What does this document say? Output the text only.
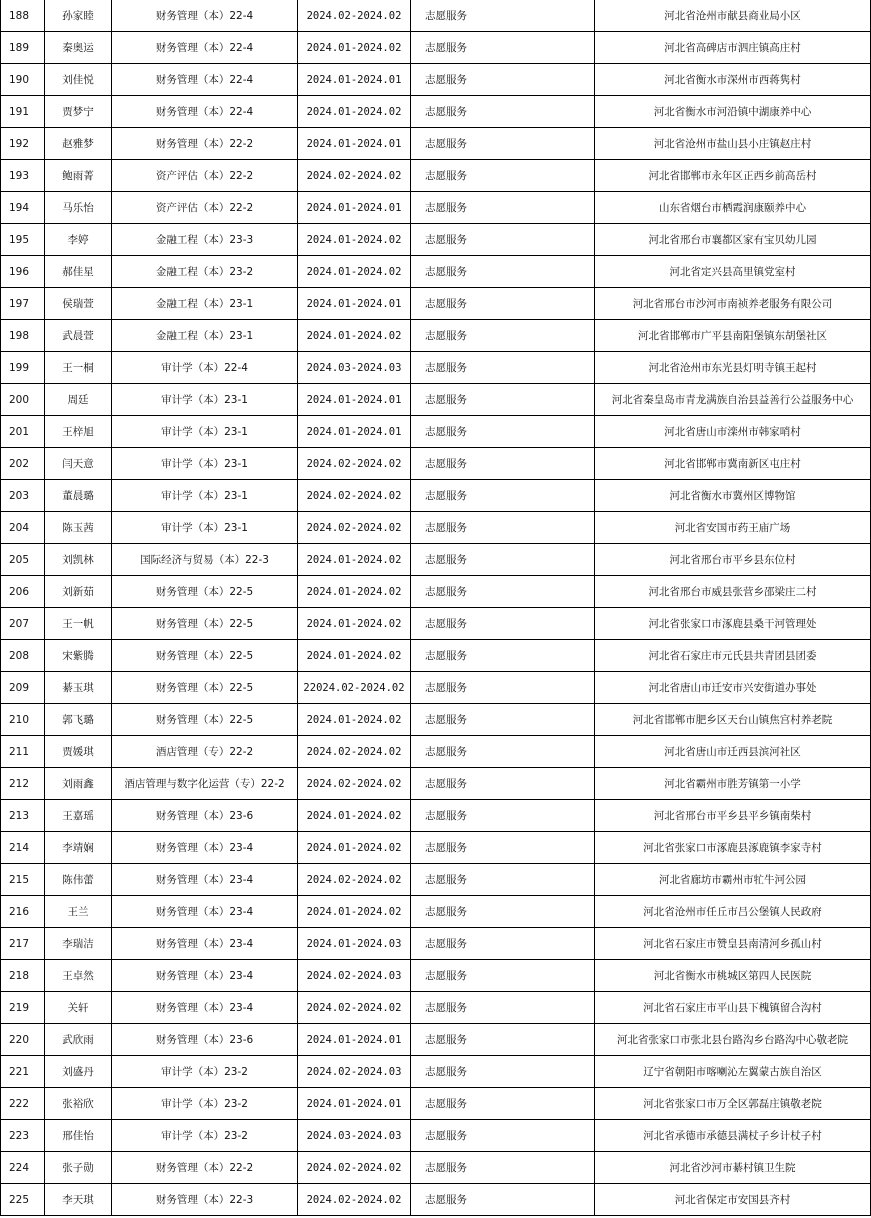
188	孙家睦	财务管理（本）22-4	2024.02-2024.02	志愿服务	河北省沧州市献县商业局小区
189	秦奥运	财务管理（本）22-4	2024.01-2024.02	志愿服务	河北省高碑店市泗庄镇高庄村
190	刘佳悦	财务管理（本）22-4	2024.01-2024.01	志愿服务	河北省衡水市深州市西蒋隽村
191	贾梦宁	财务管理（本）22-4	2024.01-2024.02	志愿服务	河北省衡水市河沿镇中湖康养中心
192	赵雅梦	财务管理（本）22-2	2024.01-2024.01	志愿服务	河北省沧州市盐山县小庄镇赵庄村
193	鲍雨菁	资产评估（本）22-2	2024.02-2024.02	志愿服务	河北省邯郸市永年区正西乡前高岳村
194	马乐怡	资产评估（本）22-2	2024.01-2024.01	志愿服务	山东省烟台市栖霞润康颐养中心
195	李婷	金融工程（本）23-3	2024.01-2024.02	志愿服务	河北省邢台市襄都区家有宝贝幼儿园
196	郝佳星	金融工程（本）23-2	2024.01-2024.02	志愿服务	河北省定兴县高里镇党室村
197	侯瑞萱	金融工程（本）23-1	2024.01-2024.01	志愿服务	河北省邢台市沙河市南祯养老服务有限公司
198	武晨萱	金融工程（本）23-1	2024.01-2024.02	志愿服务	河北省邯郸市广平县南阳堡镇东胡堡社区
199	王一桐	审计学（本）22-4	2024.03-2024.03	志愿服务	河北省沧州市东光县灯明寺镇王起村
200	周廷	审计学（本）23-1	2024.01-2024.01	志愿服务	河北省秦皇岛市青龙满族自治县益善行公益服务中心
201	王梓旭	审计学（本）23-1	2024.01-2024.01	志愿服务	河北省唐山市滦州市韩家哨村
202	闫天意	审计学（本）23-1	2024.02-2024.02	志愿服务	河北省邯郸市冀南新区屯庄村
203	董晨璐	审计学（本）23-1	2024.02-2024.02	志愿服务	河北省衡水市冀州区博物馆
204	陈玉茜	审计学（本）23-1	2024.02-2024.02	志愿服务	河北省安国市药王庙广场
205	刘凯林	国际经济与贸易（本）22-3	2024.01-2024.02	志愿服务	河北省邢台市平乡县东位村
206	刘新茹	财务管理（本）22-5	2024.01-2024.02	志愿服务	河北省邢台市威县张营乡邵梁庄二村
207	王一帆	财务管理（本）22-5	2024.01-2024.02	志愿服务	河北省张家口市涿鹿县桑干河管理处
208	宋紫腾	财务管理（本）22-5	2024.01-2024.02	志愿服务	河北省石家庄市元氏县共青团县团委
209	綦玉琪	财务管理（本）22-5	22024.02-2024.02	志愿服务	河北省唐山市迁安市兴安街道办事处
210	郭飞璐	财务管理（本）22-5	2024.01-2024.02	志愿服务	河北省邯郸市肥乡区天台山镇焦宫村养老院
211	贾媛琪	酒店管理（专）22-2	2024.02-2024.02	志愿服务	河北省唐山市迁西县滨河社区
212	刘雨鑫	酒店管理与数字化运营（专）22-2	2024.02-2024.02	志愿服务	河北省霸州市胜芳镇第一小学
213	王嘉瑶	财务管理（本）23-6	2024.01-2024.02	志愿服务	河北省邢台市平乡县平乡镇南柴村
214	李靖娴	财务管理（本）23-4	2024.01-2024.02	志愿服务	河北省张家口市涿鹿县涿鹿镇李家寺村
215	陈伟蕾	财务管理（本）23-4	2024.02-2024.02	志愿服务	河北省廊坊市霸州市牤牛河公园
216	王兰	财务管理（本）23-4	2024.01-2024.02	志愿服务	河北省沧州市任丘市吕公堡镇人民政府
217	李瑞洁	财务管理（本）23-4	2024.01-2024.03	志愿服务	河北省石家庄市赞皇县南清河乡孤山村
218	王卓然	财务管理（本）23-4	2024.02-2024.03	志愿服务	河北省衡水市桃城区第四人民医院
219	关轩	财务管理（本）23-4	2024.02-2024.02	志愿服务	河北省石家庄市平山县下槐镇留合沟村
220	武欣雨	财务管理（本）23-6	2024.01-2024.01	志愿服务	河北省张家口市张北县台路沟乡台路沟中心敬老院
221	刘盛丹	审计学（本）23-2	2024.02-2024.03	志愿服务	辽宁省朝阳市喀喇沁左翼蒙古族自治区
222	张裕欣	审计学（本）23-2	2024.01-2024.01	志愿服务	河北省张家口市万全区郭磊庄镇敬老院
223	邢佳怡	审计学（本）23-2	2024.03-2024.03	志愿服务	河北省承德市承德县满杖子乡计杖子村
224	张子勋	财务管理（本）22-2	2024.02-2024.02	志愿服务	河北省沙河市綦村镇卫生院
225	李天琪	财务管理（本）22-3	2024.02-2024.02	志愿服务	河北省保定市安国县齐村
